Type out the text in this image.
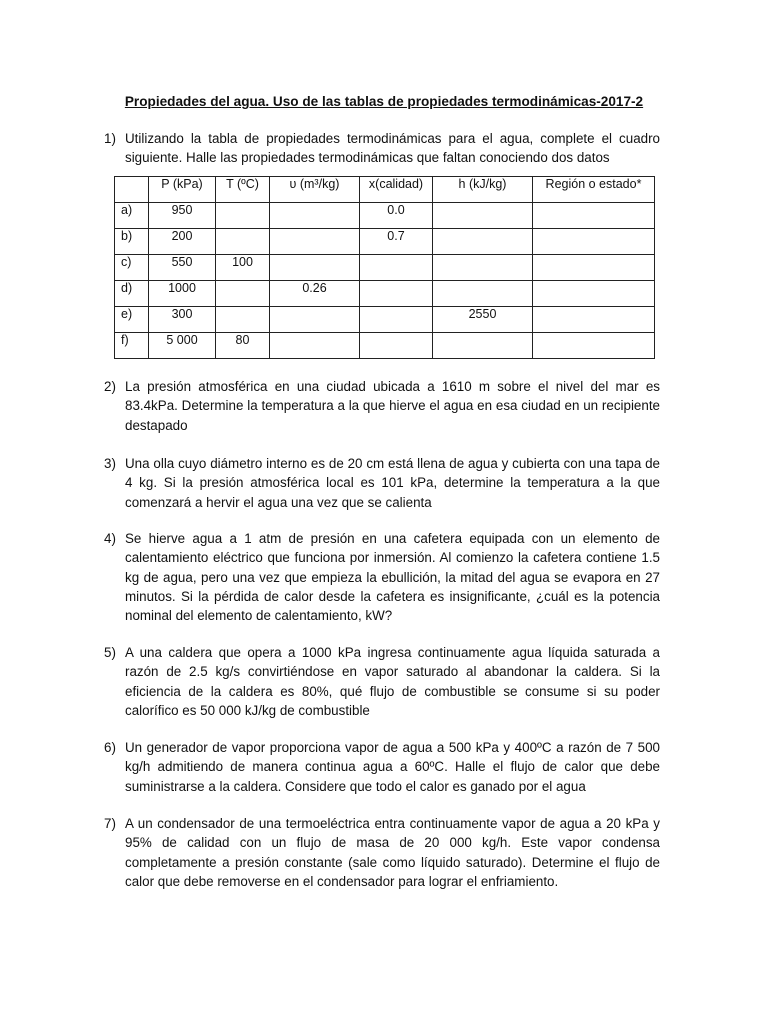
Propiedades del agua. Uso de las tablas de propiedades termodinámicas-2017-2
1) Utilizando la tabla de propiedades termodinámicas para el agua, complete el cuadro siguiente. Halle las propiedades termodinámicas que faltan conociendo dos datos
	P (kPa)	T (ºC)	υ (m³/kg)	x(calidad)	h (kJ/kg)	Región o estado*
a)	950			0.0		
b)	200			0.7		
c)	550	100				
d)	1000		0.26			
e)	300				2550	
f)	5 000	80				
2) La presión atmosférica en una ciudad ubicada a 1610 m sobre el nivel del mar es 83.4kPa. Determine la temperatura a la que hierve el agua en esa ciudad en un recipiente destapado
3) Una olla cuyo diámetro interno es de 20 cm está llena de agua y cubierta con una tapa de 4 kg. Si la presión atmosférica local es 101 kPa, determine la temperatura a la que comenzará a hervir el agua una vez que se calienta
4) Se hierve agua a 1 atm de presión en una cafetera equipada con un elemento de calentamiento eléctrico que funciona por inmersión. Al comienzo la cafetera contiene 1.5 kg de agua, pero una vez que empieza la ebullición, la mitad del agua se evapora en 27 minutos. Si la pérdida de calor desde la cafetera es insignificante, ¿cuál es la potencia nominal del elemento de calentamiento, kW?
5) A una caldera que opera a 1000 kPa ingresa continuamente agua líquida saturada a razón de 2.5 kg/s convirtiéndose en vapor saturado al abandonar la caldera. Si la eficiencia de la caldera es 80%, qué flujo de combustible se consume si su poder calorífico es 50 000 kJ/kg de combustible
6) Un generador de vapor proporciona vapor de agua a 500 kPa y 400ºC a razón de 7 500 kg/h admitiendo de manera continua agua a 60ºC. Halle el flujo de calor que debe suministrarse a la caldera. Considere que todo el calor es ganado por el agua
7) A un condensador de una termoeléctrica entra continuamente vapor de agua a 20 kPa y 95% de calidad con un flujo de masa de 20 000 kg/h. Este vapor condensa completamente a presión constante (sale como líquido saturado). Determine el flujo de calor que debe removerse en el condensador para lograr el enfriamiento.
